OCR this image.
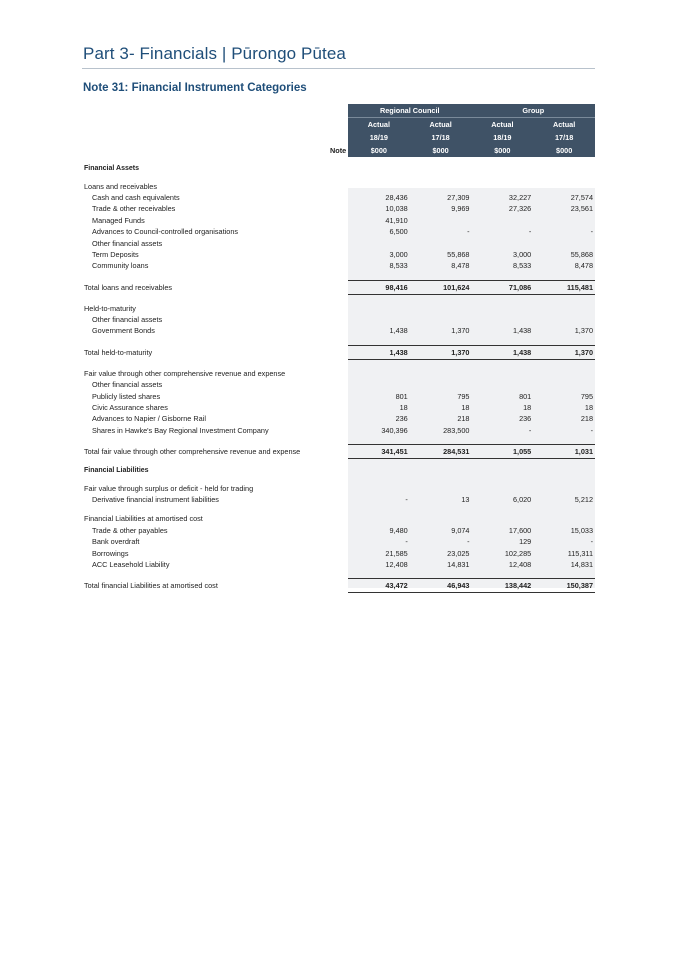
Part 3- Financials | Pūrongo Pūtea
Note 31: Financial Instrument Categories
		Regional Council		Group	
		Actual	Actual	Actual	Actual
		18/19	17/18	18/19	17/18
	Note	$000	$000	$000	$000

Financial Assets					

Loans and receivables					
Cash and cash equivalents		28,436	27,309	32,227	27,574
Trade & other receivables		10,038	9,969	27,326	23,561
Managed Funds		41,910			
Advances to Council-controlled organisations		6,500	-	-	-
Other financial assets					
Term Deposits		3,000	55,868	3,000	55,868
Community loans		8,533	8,478	8,533	8,478

Total loans and receivables		98,416	101,624	71,086	115,481

Held-to-maturity					
Other financial assets					
Government Bonds		1,438	1,370	1,438	1,370

Total held-to-maturity		1,438	1,370	1,438	1,370

Fair value through other comprehensive revenue and expense					
Other financial assets					
Publicly listed shares		801	795	801	795
Civic Assurance shares		18	18	18	18
Advances to Napier / Gisborne Rail		236	218	236	218
Shares in Hawke's Bay Regional Investment Company		340,396	283,500	-	-

Total fair value through other comprehensive revenue and expense		341,451	284,531	1,055	1,031

Financial Liabilities					

Fair value through surplus or deficit - held for trading					
Derivative financial instrument liabilities		-	13	6,020	5,212

Financial Liabilities at amortised cost					
Trade & other payables		9,480	9,074	17,600	15,033
Bank overdraft		-	-	129	-
Borrowings		21,585	23,025	102,285	115,311
ACC Leasehold Liability		12,408	14,831	12,408	14,831

Total financial Liabilities at amortised cost		43,472	46,943	138,442	150,387
